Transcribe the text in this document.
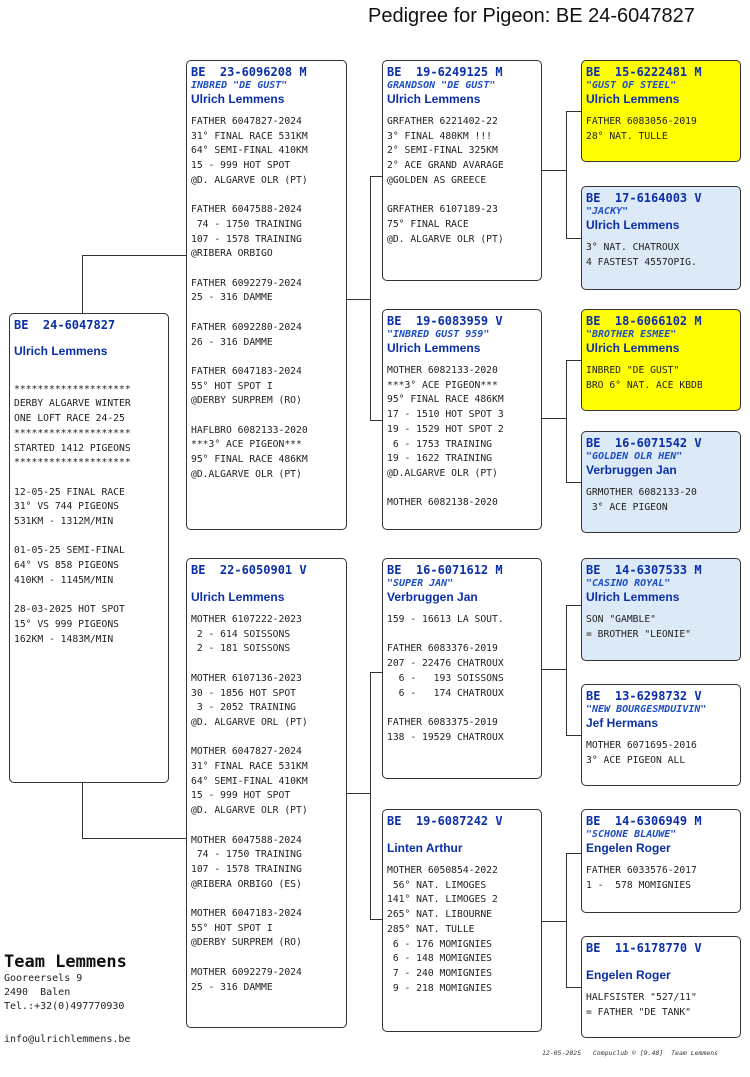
Pedigree for Pigeon: BE 24-6047827
BE  24-6047827
Ulrich Lemmens
********************
DERBY ALGARVE WINTER
ONE LOFT RACE 24-25
********************
STARTED 1412 PIGEONS
********************
12-05-25 FINAL RACE
31° VS 744 PIGEONS
531KM - 1312M/MIN
01-05-25 SEMI-FINAL
64° VS 858 PIGEONS
410KM - 1145M/MIN
28-03-2025 HOT SPOT
15° VS 999 PIGEONS
162KM - 1483M/MIN
BE  23-6096208 M
INBRED "DE GUST"
Ulrich Lemmens
FATHER 6047827-2024
31° FINAL RACE 531KM
64° SEMI-FINAL 410KM
15 - 999 HOT SPOT
@D. ALGARVE OLR (PT)
FATHER 6047588-2024
74 - 1750 TRAINING
107 - 1578 TRAINING
@RIBERA ORBIGO
FATHER 6092279-2024
25 - 316 DAMME
FATHER 6092280-2024
26 - 316 DAMME
FATHER 6047183-2024
55° HOT SPOT I
@DERBY SURPREM (RO)
HAFLBRO 6082133-2020
***3° ACE PIGEON***
95° FINAL RACE 486KM
@D.ALGARVE OLR (PT)
BE  22-6050901 V
Ulrich Lemmens
MOTHER 6107222-2023
2 - 614 SOISSONS
2 - 181 SOISSONS
MOTHER 6107136-2023
30 - 1856 HOT SPOT
3 - 2052 TRAINING
@D. ALGARVE ORL (PT)
MOTHER 6047827-2024
31° FINAL RACE 531KM
64° SEMI-FINAL 410KM
15 - 999 HOT SPOT
@D. ALGARVE OLR (PT)
MOTHER 6047588-2024
74 - 1750 TRAINING
107 - 1578 TRAINING
@RIBERA ORBIGO (ES)
MOTHER 6047183-2024
55° HOT SPOT I
@DERBY SURPREM (RO)
MOTHER 6092279-2024
25 - 316 DAMME
BE  19-6249125 M
GRANDSON "DE GUST"
Ulrich Lemmens
GRFATHER 6221402-22
3° FINAL 480KM !!!
2° SEMI-FINAL 325KM
2° ACE GRAND AVARAGE
@GOLDEN AS GREECE
GRFATHER 6107189-23
75° FINAL RACE
@D. ALGARVE OLR (PT)
BE  19-6083959 V
"INBRED GUST 959"
Ulrich Lemmens
MOTHER 6082133-2020
***3° ACE PIGEON***
95° FINAL RACE 486KM
17 - 1510 HOT SPOT 3
19 - 1529 HOT SPOT 2
6 - 1753 TRAINING
19 - 1622 TRAINING
@D.ALGARVE OLR (PT)
MOTHER 6082138-2020
BE  16-6071612 M
"SUPER JAN"
Verbruggen Jan
159 - 16613 LA SOUT.
FATHER 6083376-2019
207 - 22476 CHATROUX
6 -   193 SOISSONS
6 -   174 CHATROUX
FATHER 6083375-2019
138 - 19529 CHATROUX
BE  19-6087242 V
Linten Arthur
MOTHER 6050854-2022
56° NAT. LIMOGES
141° NAT. LIMOGES 2
265° NAT. LIBOURNE
285° NAT. TULLE
6 - 176 MOMIGNIES
6 - 148 MOMIGNIES
7 - 240 MOMIGNIES
9 - 218 MOMIGNIES
BE  15-6222481 M
"GUST OF STEEL"
Ulrich Lemmens
FATHER 6083056-2019
28° NAT. TULLE
BE  17-6164003 V
"JACKY"
Ulrich Lemmens
3° NAT. CHATROUX
4 FASTEST 4557OPIG.
BE  18-6066102 M
"BROTHER ESMEE"
Ulrich Lemmens
INBRED "DE GUST"
BRO 6° NAT. ACE KBDB
BE  16-6071542 V
"GOLDEN OLR HEN"
Verbruggen Jan
GRMOTHER 6082133-20
3° ACE PIGEON
BE  14-6307533 M
"CASINO ROYAL"
Ulrich Lemmens
SON "GAMBLE"
= BROTHER "LEONIE"
BE  13-6298732 V
"NEW BOURGESMDUIVIN"
Jef Hermans
MOTHER 6071695-2016
3° ACE PIGEON ALL
BE  14-6306949 M
"SCHONE BLAUWE"
Engelen Roger
FATHER 6033576-2017
1 -  578 MOMIGNIES
BE  11-6178770 V
Engelen Roger
HALFSISTER "527/11"
= FATHER "DE TANK"
Team Lemmens
Gooreersels 9
2490  Balen
Tel.:+32(0)497770930
info@ulrichlemmens.be
12-05-2025   Compuclub © [9.48]  Team Lemmens
